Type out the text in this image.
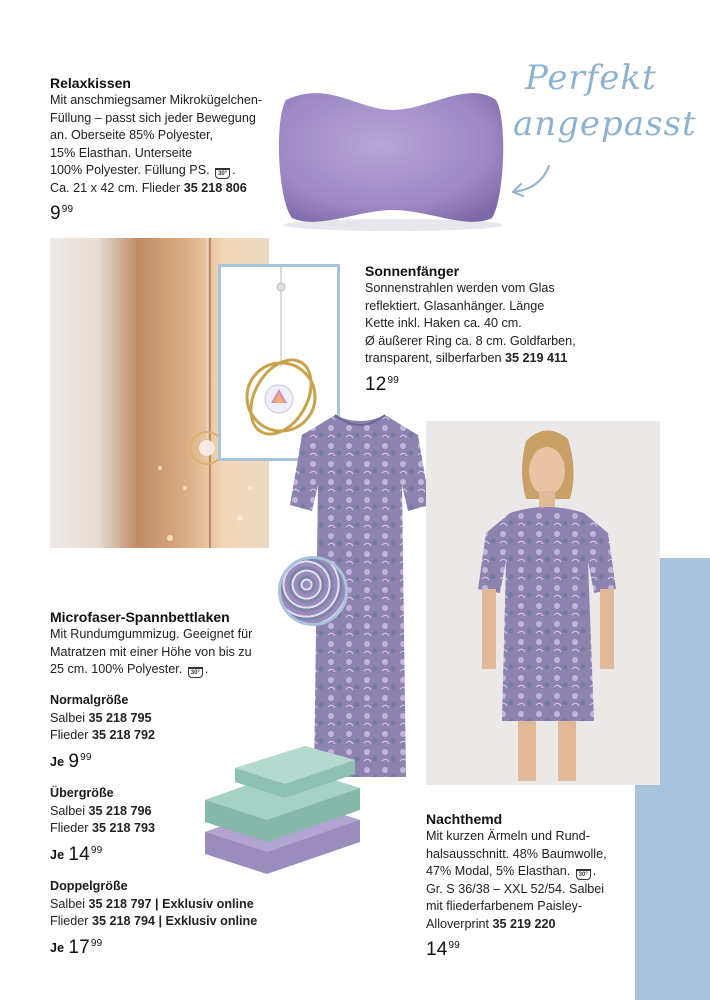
Perfekt
angepasst
Relaxkissen
Mit anschmiegsamer Mikrokügelchen-
Füllung – passt sich jeder Bewegung
an. Oberseite 85% Polyester,
15% Elasthan. Unterseite
100% Polyester. Füllung PS. 30° .
Ca. 21 x 42 cm. Flieder 35 218 806
$9^{99}$
Sonnenfänger
Sonnenstrahlen werden vom Glas
reflektiert. Glasanhänger. Länge
Kette inkl. Haken ca. 40 cm.
Ø äußerer Ring ca. 8 cm. Goldfarben,
transparent, silberfarben 35 219 411
$12^{99}$
Microfaser-Spannbettlaken
Mit Rundumgummizug. Geeignet für
Matratzen mit einer Höhe von bis zu
25 cm. 100% Polyester. 30° .
Normalgröße
Salbei 35 218 795
Flieder 35 218 792
Je $9^{99}$
Übergröße
Salbei 35 218 796
Flieder 35 218 793
Je $14^{99}$
Doppelgröße
Salbei 35 218 797 | Exklusiv online
Flieder 35 218 794 | Exklusiv online
Je $17^{99}$
Nachthemd
Mit kurzen Ärmeln und Rund-
halsausschnitt. 48% Baumwolle,
47% Modal, 5% Elasthan. 30° .
Gr. S 36/38 – XXL 52/54. Salbei
mit fliederfarbenem Paisley-
Alloverprint 35 219 220
$14^{99}$
